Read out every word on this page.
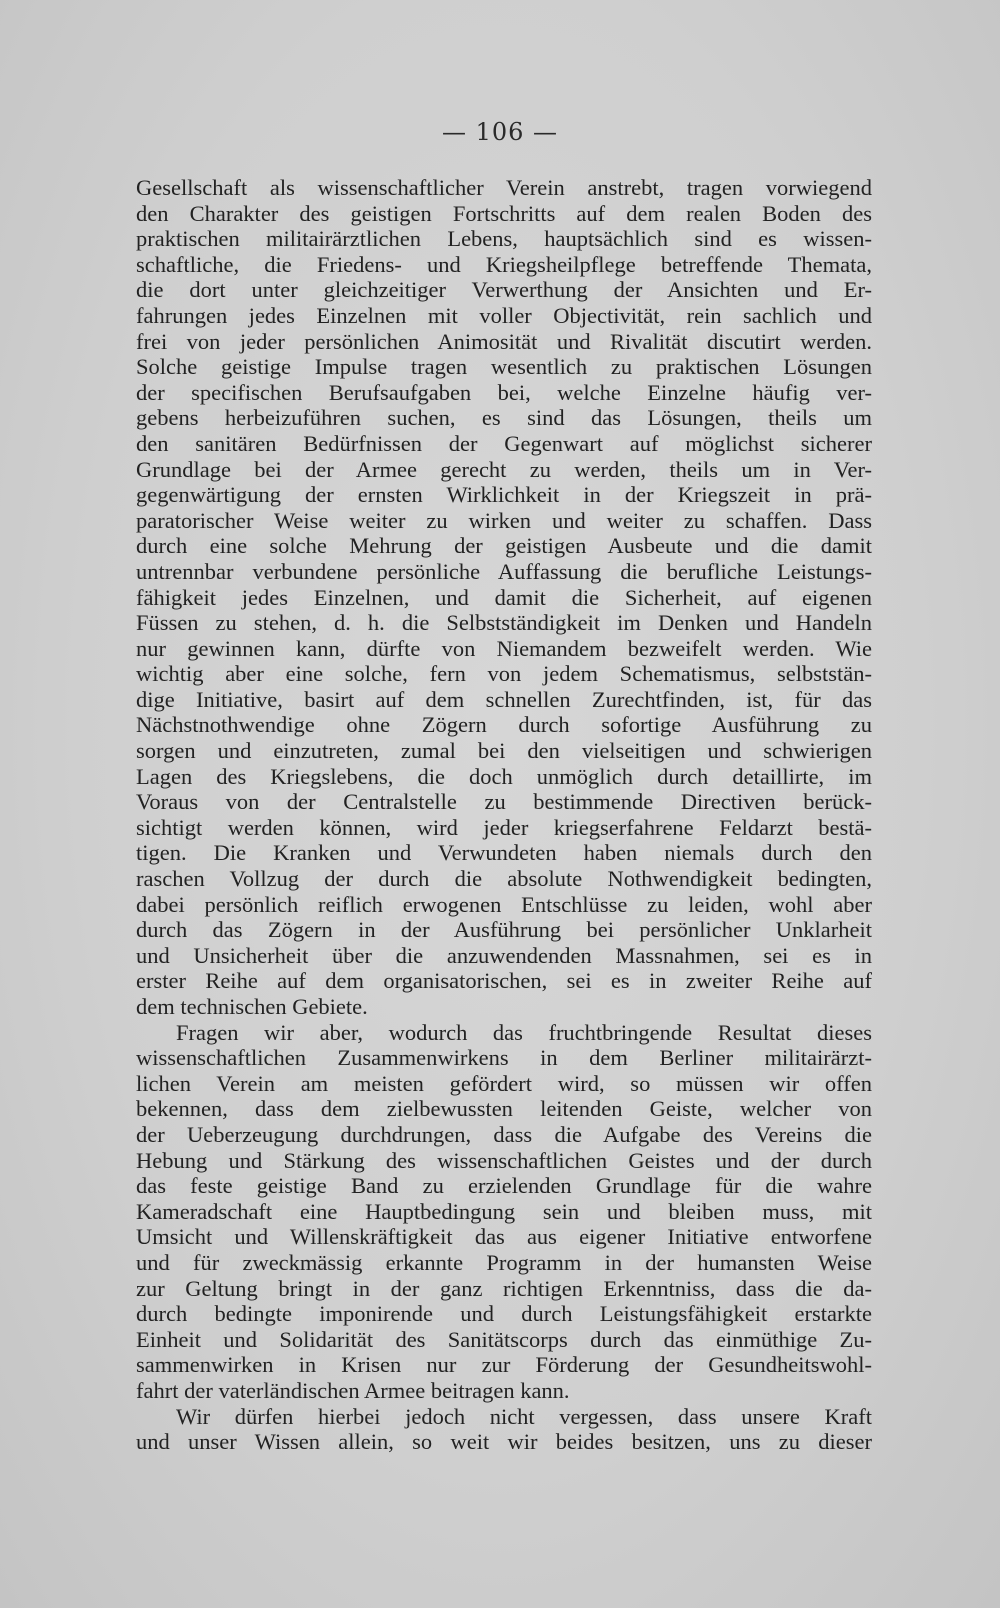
— 106 —
Gesellschaft als wissenschaftlicher Verein anstrebt, tragen vorwiegend
den Charakter des geistigen Fortschritts auf dem realen Boden des
praktischen militairärztlichen Lebens, hauptsächlich sind es wissen-
schaftliche, die Friedens- und Kriegsheilpflege betreffende Themata,
die dort unter gleichzeitiger Verwerthung der Ansichten und Er-
fahrungen jedes Einzelnen mit voller Objectivität, rein sachlich und
frei von jeder persönlichen Animosität und Rivalität discutirt werden.
Solche geistige Impulse tragen wesentlich zu praktischen Lösungen
der specifischen Berufsaufgaben bei, welche Einzelne häufig ver-
gebens herbeizuführen suchen, es sind das Lösungen, theils um
den sanitären Bedürfnissen der Gegenwart auf möglichst sicherer
Grundlage bei der Armee gerecht zu werden, theils um in Ver-
gegenwärtigung der ernsten Wirklichkeit in der Kriegszeit in prä-
paratorischer Weise weiter zu wirken und weiter zu schaffen. Dass
durch eine solche Mehrung der geistigen Ausbeute und die damit
untrennbar verbundene persönliche Auffassung die berufliche Leistungs-
fähigkeit jedes Einzelnen, und damit die Sicherheit, auf eigenen
Füssen zu stehen, d. h. die Selbstständigkeit im Denken und Handeln
nur gewinnen kann, dürfte von Niemandem bezweifelt werden. Wie
wichtig aber eine solche, fern von jedem Schematismus, selbststän-
dige Initiative, basirt auf dem schnellen Zurechtfinden, ist, für das
Nächstnothwendige ohne Zögern durch sofortige Ausführung zu
sorgen und einzutreten, zumal bei den vielseitigen und schwierigen
Lagen des Kriegslebens, die doch unmöglich durch detaillirte, im
Voraus von der Centralstelle zu bestimmende Directiven berück-
sichtigt werden können, wird jeder kriegserfahrene Feldarzt bestä-
tigen. Die Kranken und Verwundeten haben niemals durch den
raschen Vollzug der durch die absolute Nothwendigkeit bedingten,
dabei persönlich reiflich erwogenen Entschlüsse zu leiden, wohl aber
durch das Zögern in der Ausführung bei persönlicher Unklarheit
und Unsicherheit über die anzuwendenden Massnahmen, sei es in
erster Reihe auf dem organisatorischen, sei es in zweiter Reihe auf
dem technischen Gebiete.
Fragen wir aber, wodurch das fruchtbringende Resultat dieses
wissenschaftlichen Zusammenwirkens in dem Berliner militairärzt-
lichen Verein am meisten gefördert wird, so müssen wir offen
bekennen, dass dem zielbewussten leitenden Geiste, welcher von
der Ueberzeugung durchdrungen, dass die Aufgabe des Vereins die
Hebung und Stärkung des wissenschaftlichen Geistes und der durch
das feste geistige Band zu erzielenden Grundlage für die wahre
Kameradschaft eine Hauptbedingung sein und bleiben muss, mit
Umsicht und Willenskräftigkeit das aus eigener Initiative entworfene
und für zweckmässig erkannte Programm in der humansten Weise
zur Geltung bringt in der ganz richtigen Erkenntniss, dass die da-
durch bedingte imponirende und durch Leistungsfähigkeit erstarkte
Einheit und Solidarität des Sanitätscorps durch das einmüthige Zu-
sammenwirken in Krisen nur zur Förderung der Gesundheitswohl-
fahrt der vaterländischen Armee beitragen kann.
Wir dürfen hierbei jedoch nicht vergessen, dass unsere Kraft
und unser Wissen allein, so weit wir beides besitzen, uns zu dieser
